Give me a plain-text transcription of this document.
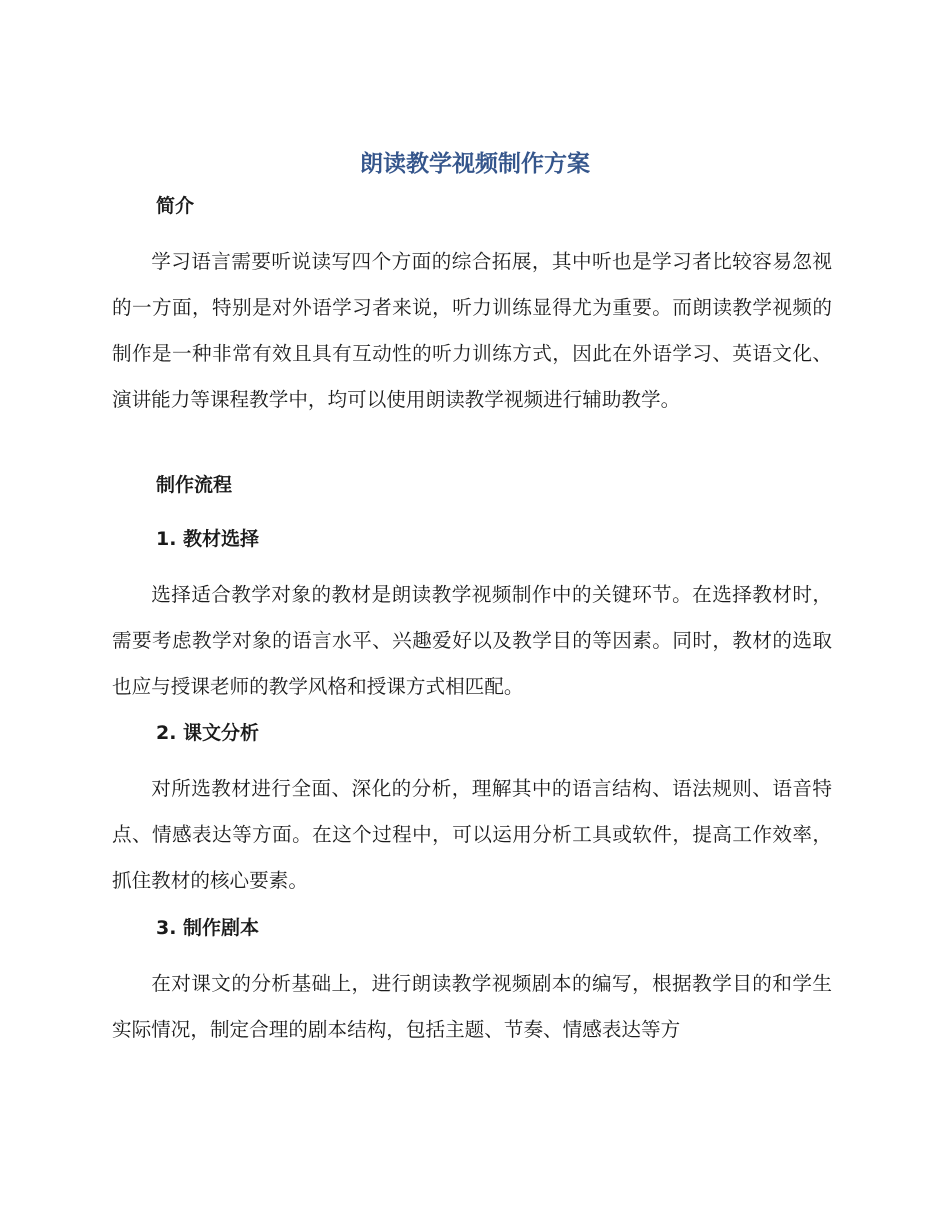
朗读教学视频制作方案
简介

学习语言需要听说读写四个方面的综合拓展，其中听也是学习者比较容易忽视的一方面，特别是对外语学习者来说，听力训练显得尤为重要。而朗读教学视频的制作是一种非常有效且具有互动性的听力训练方式，因此在外语学习、英语文化、演讲能力等课程教学中，均可以使用朗读教学视频进行辅助教学。

制作流程
1. 教材选择

选择适合教学对象的教材是朗读教学视频制作中的关键环节。在选择教材时，需要考虑教学对象的语言水平、兴趣爱好以及教学目的等因素。同时，教材的选取也应与授课老师的教学风格和授课方式相匹配。

2. 课文分析

对所选教材进行全面、深化的分析，理解其中的语言结构、语法规则、语音特点、情感表达等方面。在这个过程中，可以运用分析工具或软件，提高工作效率，抓住教材的核心要素。

3. 制作剧本

在对课文的分析基础上，进行朗读教学视频剧本的编写，根据教学目的和学生实际情况，制定合理的剧本结构，包括主题、节奏、情感表达等方
